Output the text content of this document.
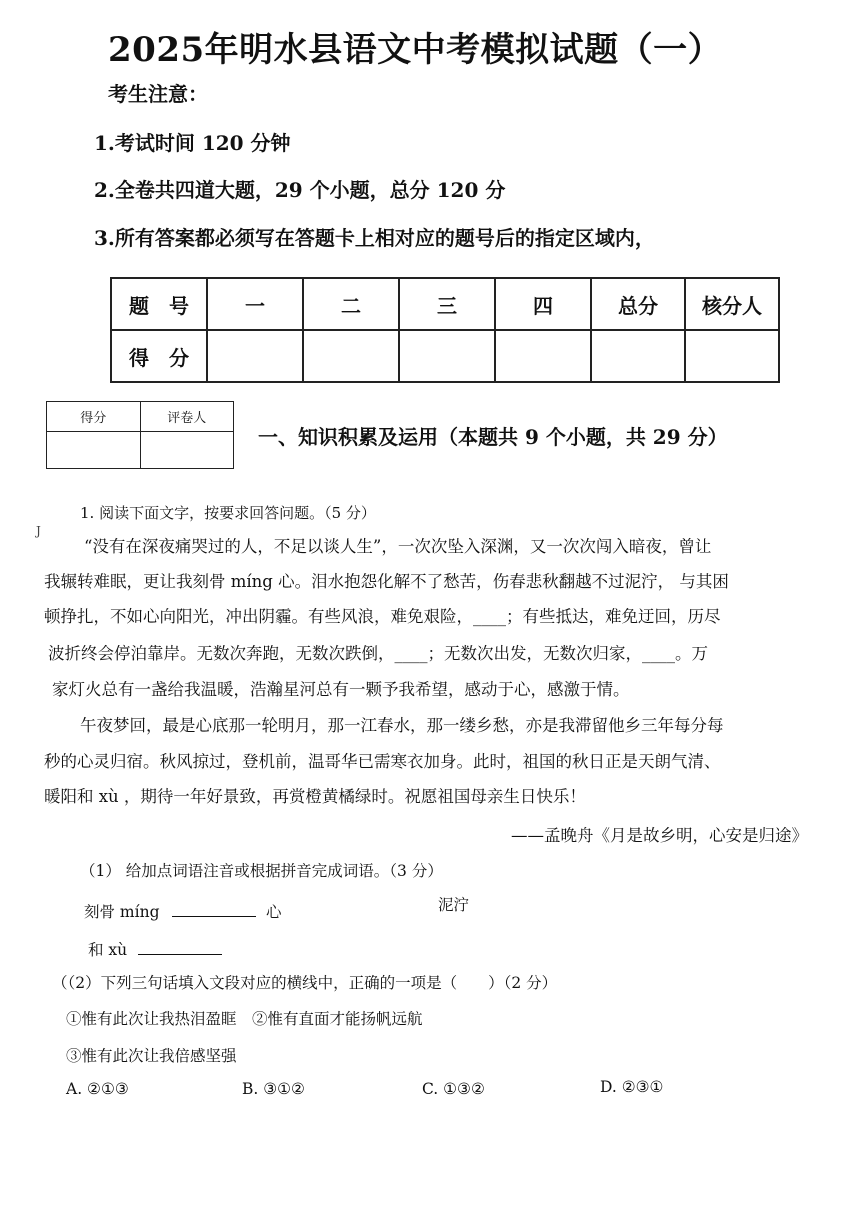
2025年明水县语文中考模拟试题（一）
考生注意：
1.考试时间 120 分钟
2.全卷共四道大题，29 个小题，总分 120 分
3.所有答案都必须写在答题卡上相对应的题号后的指定区域内，
题　号	一	二	三	四	总分	核分人
得　分						
得分	评卷人

一、知识积累及运用（本题共 9 个小题，共 29 分）
1. 阅读下面文字，按要求回答问题。（5 分）
J
“没有在深夜痛哭过的人，不足以谈人生”，一次次坠入深渊，又一次次闯入暗夜，曾让
我辗转难眠，更让我刻骨 míng 心。泪水抱怨化解不了愁苦，伤春悲秋翻越不过泥泞， 与其困
顿挣扎，不如心向阳光，冲出阴霾。有些风浪，难免艰险，____；有些抵达，难免迂回，历尽
波折终会停泊靠岸。无数次奔跑，无数次跌倒，____；无数次出发，无数次归家，____。万
家灯火总有一盏给我温暖，浩瀚星河总有一颗予我希望，感动于心，感激于情。
午夜梦回，最是心底那一轮明月，那一江春水，那一缕乡愁，亦是我滞留他乡三年每分每
秒的心灵归宿。秋风掠过，登机前，温哥华已需寒衣加身。此时，祖国的秋日正是天朗气清、
暖阳和 xù ，期待一年好景致，再赏橙黄橘绿时。祝愿祖国母亲生日快乐！
——孟晚舟《月是故乡明，心安是归途》
（1） 给加点词语注音或根据拼音完成词语。（3 分）
刻骨 míng	心	泥泞
和 xù
（（2）下列三句话填入文段对应的横线中，正确的一项是（　　）（2 分）
①惟有此次让我热泪盈眶　②惟有直面才能扬帆远航
③惟有此次让我倍感坚强
A. ②①③	B. ③①②	C. ①③②	D. ②③①
